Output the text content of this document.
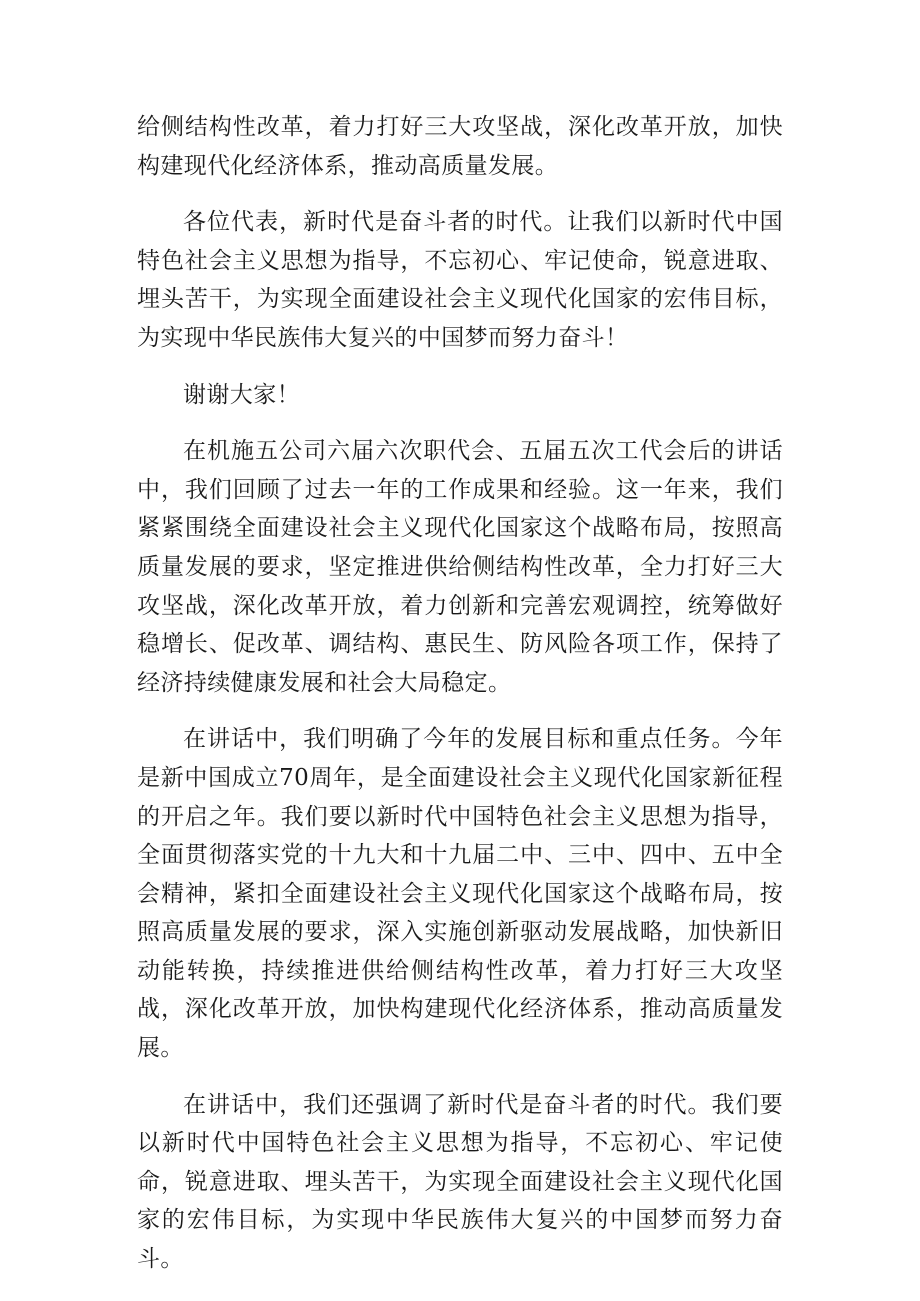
给侧结构性改革，着力打好三大攻坚战，深化改革开放，加快构建现代化经济体系，推动高质量发展。

各位代表，新时代是奋斗者的时代。让我们以新时代中国特色社会主义思想为指导，不忘初心、牢记使命，锐意进取、埋头苦干，为实现全面建设社会主义现代化国家的宏伟目标，为实现中华民族伟大复兴的中国梦而努力奋斗！

谢谢大家！

在机施五公司六届六次职代会、五届五次工代会后的讲话中，我们回顾了过去一年的工作成果和经验。这一年来，我们紧紧围绕全面建设社会主义现代化国家这个战略布局，按照高质量发展的要求，坚定推进供给侧结构性改革，全力打好三大攻坚战，深化改革开放，着力创新和完善宏观调控，统筹做好稳增长、促改革、调结构、惠民生、防风险各项工作，保持了经济持续健康发展和社会大局稳定。

在讲话中，我们明确了今年的发展目标和重点任务。今年是新中国成立70周年，是全面建设社会主义现代化国家新征程的开启之年。我们要以新时代中国特色社会主义思想为指导，全面贯彻落实党的十九大和十九届二中、三中、四中、五中全会精神，紧扣全面建设社会主义现代化国家这个战略布局，按照高质量发展的要求，深入实施创新驱动发展战略，加快新旧动能转换，持续推进供给侧结构性改革，着力打好三大攻坚战，深化改革开放，加快构建现代化经济体系，推动高质量发展。

在讲话中，我们还强调了新时代是奋斗者的时代。我们要以新时代中国特色社会主义思想为指导，不忘初心、牢记使命，锐意进取、埋头苦干，为实现全面建设社会主义现代化国家的宏伟目标，为实现中华民族伟大复兴的中国梦而努力奋斗。
